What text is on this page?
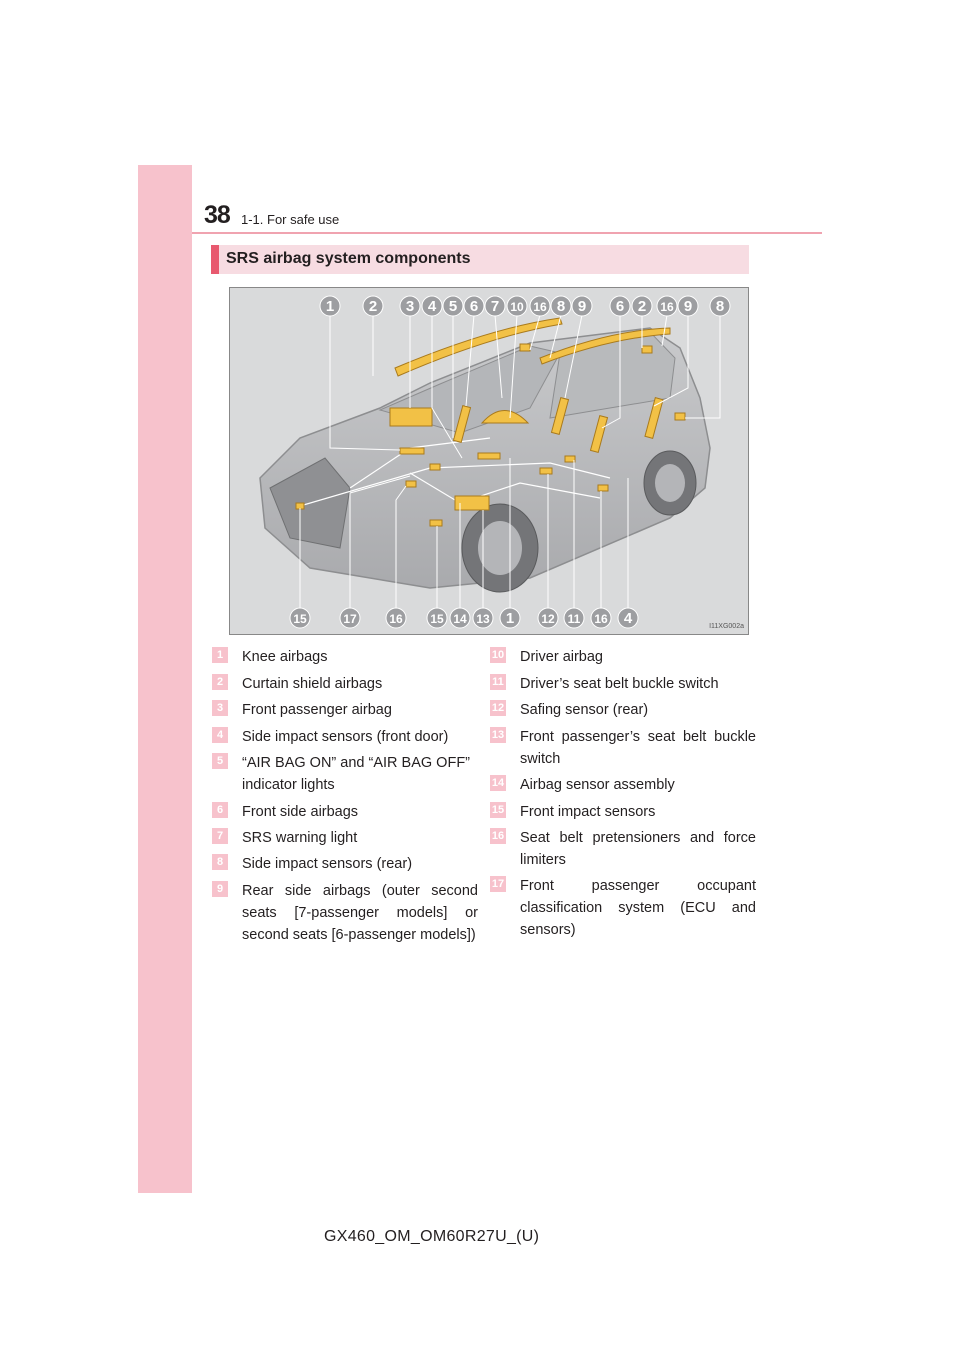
38 1-1. For safe use
SRS airbag system components
1 2 3 4 5 6 7 10 16 8 9 6 2 16 9 8
15	17	16 15 14 13 1 12 11 16 4	I11XG002a
1	Knee airbags
2	Curtain shield airbags
3	Front passenger airbag
4	Side impact sensors (front door)
5	“AIR BAG ON” and “AIR BAG OFF” indicator lights
6	Front side airbags
7	SRS warning light
8	Side impact sensors (rear)
9	Rear side airbags (outer second seats [7-passenger models] or second seats [6-passenger models])
10 Driver airbag
11 Driver’s seat belt buckle switch
12 Safing sensor (rear)
13 Front passenger’s seat belt buckle switch
14 Airbag sensor assembly
15 Front impact sensors
16 Seat belt pretensioners and force limiters
17 Front passenger occupant classification system (ECU and sensors)
GX460_OM_OM60R27U_(U)
